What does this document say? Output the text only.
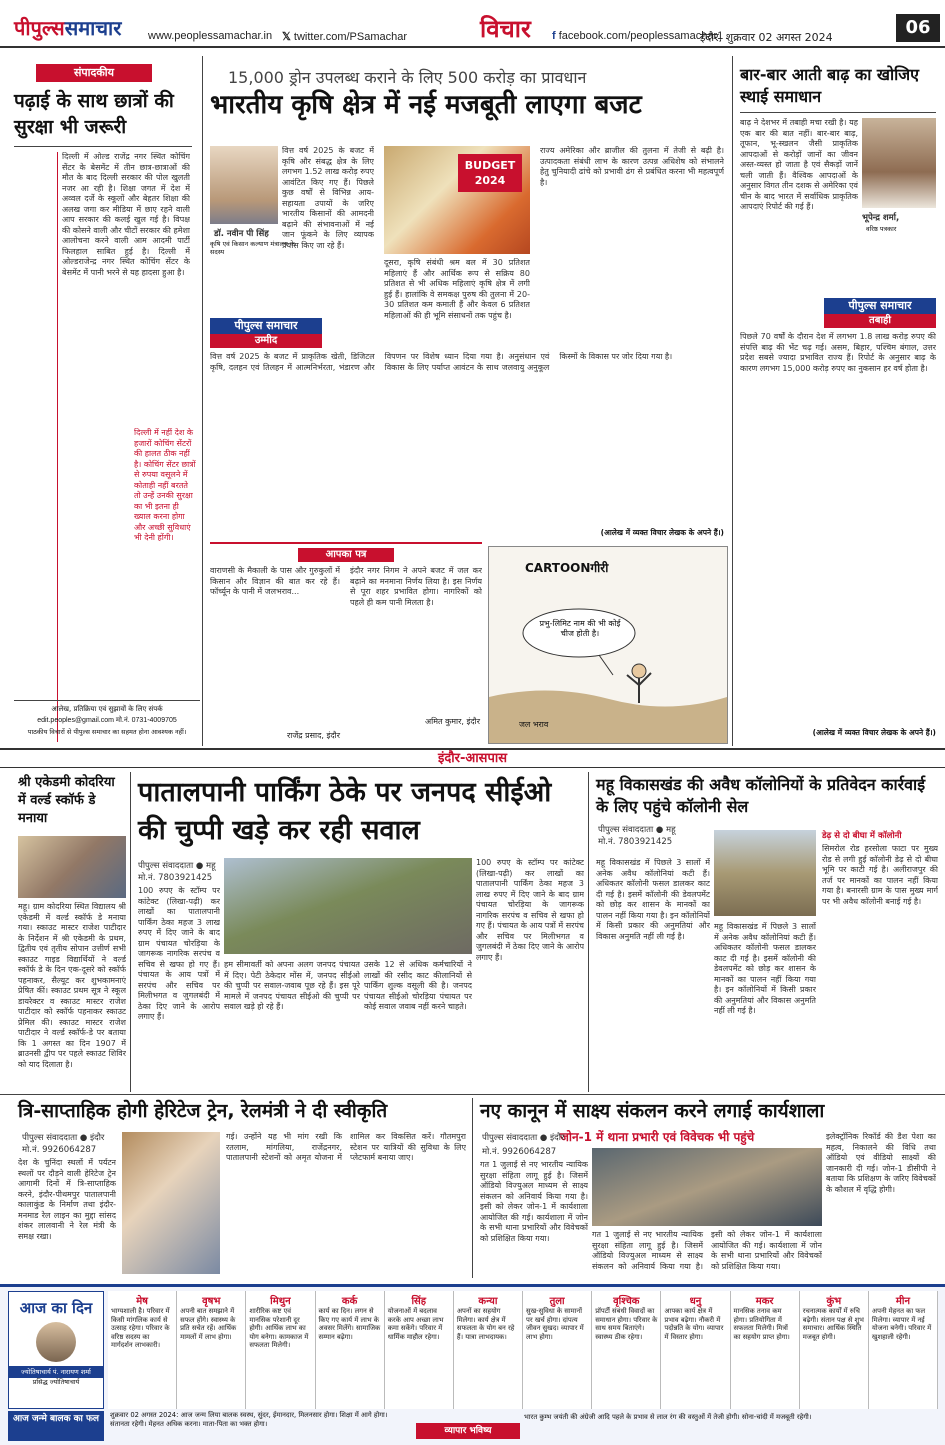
पीपुल्ससमाचार www.peoplessamachar.in 𝕏 twitter.com/PSamachar	विचार f facebook.com/peoplessamachar1
इंदौर, शुक्रवार 02 अगस्त 2024	06
संपादकीय
पढ़ाई के साथ छात्रों की सुरक्षा भी जरूरी
दिल्ली में ओल्ड राजेंद्र नगर स्थित कोचिंग सेंटर के बेसमेंट में तीन छात्र-छात्राओं की मौत के बाद दिल्ली सरकार की पोल खुलती नजर आ रही है। शिक्षा जगत में देश में अव्वल दर्जे के स्कूलों और बेहतर शिक्षा की अलख जगा कर मीडिया में छाए रहने वाली आप सरकार की कलई खुल गई है। विपक्ष की कोसने वाली और चीटों सरकार की हमेशा आलोचना करने वाली आम आदमी पार्टी फिलहाल साबित हुई है। दिल्ली में ओल्डराजेन्द्र नगर स्थित कोचिंग सेंटर के बेसमेंट में पानी भरने से यह हादसा हुआ है।
दिल्ली में नहीं देश के हजारों कोचिंग सेंटरों की हालत ठीक नहीं है। कोचिंग सेंटर छात्रों से रुपया वसूलने में कोताही नहीं बरतते तो उन्हें उनकी सुरक्षा का भी इतना ही ख्याल करना होगा और अच्छी सुविधाएं भी देनी होंगी।
आलेख, प्रतिक्रिया एवं सुझावों के लिए संपर्क
edit.peoples@gmail.com मो.नं. 0731-4009705
पाठकीय विचारों से पीपुल्स समाचार का सहमत होना आवश्यक नहीं।
15,000 ड्रोन उपलब्ध कराने के लिए 500 करोड़ का प्रावधान
भारतीय कृषि क्षेत्र में नई मजबूती लाएगा बजट
डॉ. नवीन पी सिंह
कृषि एवं किसान कल्याण मंत्रालय के सदस्य
पीपुल्स समाचार
उम्मीद
वित्त वर्ष 2025 के बजट में कृषि और संबद्ध क्षेत्र के लिए लगभग 1.52 लाख करोड़ रुपए आवंटित किए गए हैं। पिछले कुछ वर्षों से विभिन्न आय-सहायता उपायों के जरिए भारतीय किसानों की आमदनी बढ़ाने की संभावनाओं में नई जान फूंकने के लिए व्यापक प्रयास किए जा रहे हैं।
BUDGET 2024
दूसरा, कृषि संबंधी श्रम बल में 30 प्रतिशत महिलाएं हैं और आर्थिक रूप से सक्रिय 80 प्रतिशत से भी अधिक महिलाएं कृषि क्षेत्र में लगी हुई हैं। हालांकि वे समकक्ष पुरुष की तुलना में 20-30 प्रतिशत कम कमाती हैं और केवल 6 प्रतिशत महिलाओं की ही भूमि संसाधनों तक पहुंच है।
राज्य अमेरिका और ब्राजील की तुलना में तेजी से बढ़ी है। उत्पादकता संबंधी लाभ के कारण उत्पन्न अधिशेष को संभालने हेतु चुनियादी ढांचे को प्रभावी ढंग से प्रबंधित करना भी महत्वपूर्ण है।
वित्त वर्ष 2025 के बजट में प्राकृतिक खेती, डिजिटल कृषि, दलहन एवं तिलहन में आत्मनिर्भरता, भंडारण और विपणन पर विशेष ध्यान दिया गया है। अनुसंधान एवं विकास के लिए पर्याप्त आवंटन के साथ जलवायु अनुकूल किस्मों के विकास पर जोर दिया गया है।
(आलेख में व्यक्त विचार लेखक के अपने हैं।)
आपका पत्र
वाराणसी के मैकाली के पास और गुरुकुलों में किसान और विज्ञान की बात कर रहे हैं। फॉर्च्यून के पानी में जलभराव...
राजेंद्र प्रसाद, इंदौर
इंदौर नगर निगम ने अपने बजट में जल कर बढ़ाने का मनमाना निर्णय लिया है। इस निर्णय से पूरा शहर प्रभावित होगा। नागरिकों को पहले ही कम पानी मिलता है।
अमित कुमार, इंदौर
CARTOONगीरी
प्रभु-लिमिट नाम की भी कोई चीज होती है।
जल भराव
बार-बार आती बाढ़ का खोजिए स्थाई समाधान
भूपेन्द्र शर्मा,
वरिष्ठ पत्रकार
बाढ़ ने देशभर में तबाही मचा रखी है। यह एक बार की बात नहीं। बार-बार बाढ़, तूफान, भू-स्खलन जैसी प्राकृतिक आपदाओं से करोड़ों जानों का जीवन अस्त-व्यस्त हो जाता है एवं सैकड़ों जानें चली जाती हैं। वैश्विक आपदाओं के अनुसार विगत तीन दशक से अमेरिका एवं चीन के बाद भारत में सर्वाधिक प्राकृतिक आपदाएं रिपोर्ट की गई हैं।
पीपुल्स समाचार
तबाही
पिछले 70 वर्षों के दौरान देश में लगभग 1.8 लाख करोड़ रुपए की संपत्ति बाढ़ की भेंट चढ़ गई। असम, बिहार, पश्चिम बंगाल, उत्तर प्रदेश सबसे ज्यादा प्रभावित राज्य हैं। रिपोर्ट के अनुसार बाढ़ के कारण लगभग 15,000 करोड़ रुपए का नुकसान हर वर्ष होता है।
(आलेख में व्यक्त विचार लेखक के अपने हैं।)
इंदौर-आसपास
श्री एकेडमी कोदरिया में वर्ल्ड स्कॉर्फ डे मनाया
महू। ग्राम कोदरिया स्थित विद्यालय श्री एकेडमी में वर्ल्ड स्कॉर्फ डे मनाया गया। स्काउट मास्टर राजेश पाटीदार के निर्देशन में श्री एकेडमी के प्रथम, द्वितीय एवं तृतीय सोपान उत्तीर्ण सभी स्काउट गाइड विद्यार्थियों ने वर्ल्ड स्कॉर्फ डे के दिन एक-दूसरे को स्कॉर्फ पहनाकर, सैल्यूट कर शुभकामनाएं प्रेषित कीं। स्काउट प्रथम सूत्र ने स्कूल डायरेक्टर व स्काउट मास्टर राजेश पाटीदार को स्कॉर्फ पहनाकर स्काउट प्रेमिल की। स्काउट मास्टर राजेश पाटीदार ने वर्ल्ड स्कॉर्फ-डे पर बताया कि 1 अगस्त का दिन 1907 में ब्राउनसी द्वीप पर पहले स्काउट शिविर को याद दिलाता है।
पातालपानी पार्किंग ठेके पर जनपद सीईओ की चुप्पी खड़े कर रही सवाल
पीपुल्स संवाददाता ● महू
मो.नं. 7803921425
100 रुपए के स्टॉम्प पर कांटेक्ट (लिखा-पढ़ी) कर लाखों का पातालपानी पार्किंग ठेका महज 3 लाख रुपए में दिए जाने के बाद ग्राम पंचायत चोरड़िया के जागरूक नागरिक सरपंच व सचिव से खफा हो गए हैं। पंचायत के आय पत्रों में सरपंच और सचिव पर मिलीभगत व जुगलबंदी में ठेका दिए जाने के आरोप लगाए हैं।
हम सीमावर्ती को अपना अलग जनपद पंचायत में दिए। पेटी ठेकेदार मोंस में, जनपद सीईओ की चुप्पी पर सवाल-जवाब पूछ रहे हैं। इस पूरे मामले में जनपद पंचायत सीईओ की चुप्पी पर सवाल खड़े हो रहे हैं।
उसके 12 से अधिक कर्मचारियों ने लाखों की रसीद काट कीलानियों से पार्किंग शुल्क वसूली की है। जनपद पंचायत सीईओ चोरड़िया पंचायत पर कोई सवाल जवाब नहीं करने चाहते।
100 रुपए के स्टॉम्प पर कांटेक्ट (लिखा-पढ़ी) कर लाखों का पातालपानी पार्किंग ठेका महज 3 लाख रुपए में दिए जाने के बाद ग्राम पंचायत चोरड़िया के जागरूक नागरिक सरपंच व सचिव से खफा हो गए हैं। पंचायत के आय पत्रों में सरपंच और सचिव पर मिलीभगत व जुगलबंदी में ठेका दिए जाने के आरोप लगाए हैं।
महू विकासखंड की अवैध कॉलोनियों के प्रतिवेदन कार्रवाई के लिए पहुंचे कॉलोनी सेल
पीपुल्स संवाददाता ● महू
मो.नं. 7803921425
महू विकासखंड में पिछले 3 सालों में अनेक अवैध कॉलोनियां कटी हैं। अधिकतर कॉलोनी फसल डालकर काट दी गई है। इसमें कॉलोनी की डेवलपमेंट को छोड़ कर शासन के मानकों का पालन नहीं किया गया है। इन कॉलोनियों में किसी प्रकार की अनुमतियां और विकास अनुमति नहीं ली गई है।
महू विकासखंड में पिछले 3 सालों में अनेक अवैध कॉलोनियां कटी हैं। अधिकतर कॉलोनी फसल डालकर काट दी गई है। इसमें कॉलोनी की डेवलपमेंट को छोड़ कर शासन के मानकों का पालन नहीं किया गया है। इन कॉलोनियों में किसी प्रकार की अनुमतियां और विकास अनुमति नहीं ली गई है।
डेढ़ से दो बीघा में कॉलोनी
सिमरोल रोड हरसोला फाटा पर मुख्य रोड से लगी हुई कॉलोनी डेढ़ से दो बीघा भूमि पर काटी गई है। अलीराजपुर की तर्ज पर मानकों का पालन नहीं किया गया है। बनारसी ग्राम के पास मुख्य मार्ग पर भी अवैध कॉलोनी बनाई गई है।
त्रि-साप्ताहिक होगी हेरिटेज ट्रेन, रेलमंत्री ने दी स्वीकृति
पीपुल्स संवाददाता ● इंदौर
मो.नं. 9926064287
देश के चुनिंदा स्थलों में पर्यटन स्थलों पर दौड़ने वाली हेरिटेज ट्रेन आगामी दिनों में त्रि-साप्ताहिक करने, इंदौर-पीथमपुर पातालपानी कालाकुंड के निर्माण तथा इंदौर-मनमाड रेल लाइन का मुद्दा सांसद शंकर लालवानी ने रेल मंत्री के समक्ष रखा।
गई। उन्होंने यह भी मांग रखी कि रतलाम, मांगलिया, राजेंद्रनगर, पातालपानी स्टेशनों को अमृत योजना में शामिल कर विकसित करें। गौतमपुरा स्टेशन पर यात्रियों की सुविधा के लिए प्लेटफार्म बनाया जाए।
नए कानून में साक्ष्य संकलन करने लगाई कार्यशाला
जोन-1 में थाना प्रभारी एवं विवेचक भी पहुंचे
पीपुल्स संवाददाता ● इंदौर
मो.नं. 9926064287
गत 1 जुलाई से नए भारतीय न्यायिक सुरक्षा संहिता लागू हुई है। जिसमें ऑडियो विज्युअल माध्यम से साक्ष्य संकलन को अनिवार्य किया गया है। इसी को लेकर जोन-1 में कार्यशाला आयोजित की गई। कार्यशाला में जोन के सभी थाना प्रभारियों और विवेचकों को प्रशिक्षित किया गया।	गत 1 जुलाई से नए भारतीय न्यायिक सुरक्षा संहिता लागू हुई है। जिसमें ऑडियो विज्युअल माध्यम से साक्ष्य संकलन को अनिवार्य किया गया है। इसी को लेकर जोन-1 में कार्यशाला आयोजित की गई। कार्यशाला में जोन के सभी थाना प्रभारियों और विवेचकों को प्रशिक्षित किया गया।
इलेक्ट्रॉनिक रिकॉर्ड की डैश पेशा का महत्व, निकालने की विधि तथा ऑडियो एवं वीडियो साक्ष्यों की जानकारी दी गई। जोन-1 डीसीपी ने बताया कि प्रशिक्षण के जरिए विवेचकों के कौशल में वृद्धि होगी।
आज का दिन
ज्योतिषाचार्य पं. नारायण शर्मा
प्रसिद्ध ज्योतिषाचार्य
मेष
भाग्यशाली है। परिवार में किसी मांगलिक कार्य से उत्साह रहेगा। परिवार के वरिष्ठ सदस्य का मार्गदर्शन लाभकारी।
वृषभ
अपनी बात समझाने में सफल होंगे। स्वास्थ्य के प्रति सचेत रहें। आर्थिक मामलों में लाभ होगा।
मिथुन
शारीरिक कष्ट एवं मानसिक परेशानी दूर होगी। आर्थिक लाभ का योग बनेगा। कामकाज में सफलता मिलेगी।
कर्क
कार्य का दिन। लगन से किए गए कार्य में लाभ के अवसर मिलेंगे। सामाजिक सम्मान बढ़ेगा।
सिंह
योजनाओं में बदलाव करके आप अच्छा लाभ कमा सकेंगे। परिवार में धार्मिक माहौल रहेगा।
कन्या
अपनों का सहयोग मिलेगा। कार्य क्षेत्र में सफलता के योग बन रहे हैं। यात्रा लाभदायक।
तुला
सुख-सुविधा के सामानों पर खर्च होगा। दांपत्य जीवन सुखद। व्यापार में लाभ होगा।
वृश्चिक
प्रॉपर्टी संबंधी विवादों का समाधान होगा। परिवार के साथ समय बिताएंगे। स्वास्थ्य ठीक रहेगा।
धनु
आपका कार्य क्षेत्र में प्रभाव बढ़ेगा। नौकरी में पदोन्नति के योग। व्यापार में विस्तार होगा।
मकर
मानसिक तनाव कम होगा। प्रतियोगिता में सफलता मिलेगी। मित्रों का सहयोग प्राप्त होगा।
कुंभ
रचनात्मक कार्यों में रुचि बढ़ेगी। संतान पक्ष से शुभ समाचार। आर्थिक स्थिति मजबूत होगी।
मीन
अपनी मेहनत का फल मिलेगा। व्यापार में नई योजना बनेगी। परिवार में खुशहाली रहेगी।
आज जन्मे बालक का फल	शुक्रवार 02 अगस्त 2024: आज जन्म लिया बालक स्वस्थ, सुंदर, ईमानदार, मिलनसार होगा। शिक्षा में आगे होगा।
संतानता रहेगी। मेहनत अधिक करना। माता-पिता का भक्त होगा।
व्यापार भविष्य
भारत कुम्भ जयंती की अंग्रेजी आदि पहले के प्रभाव से लाल रंग की वस्तुओं में तेजी होगी। सोना-चांदी में मजबूती रहेगी।
